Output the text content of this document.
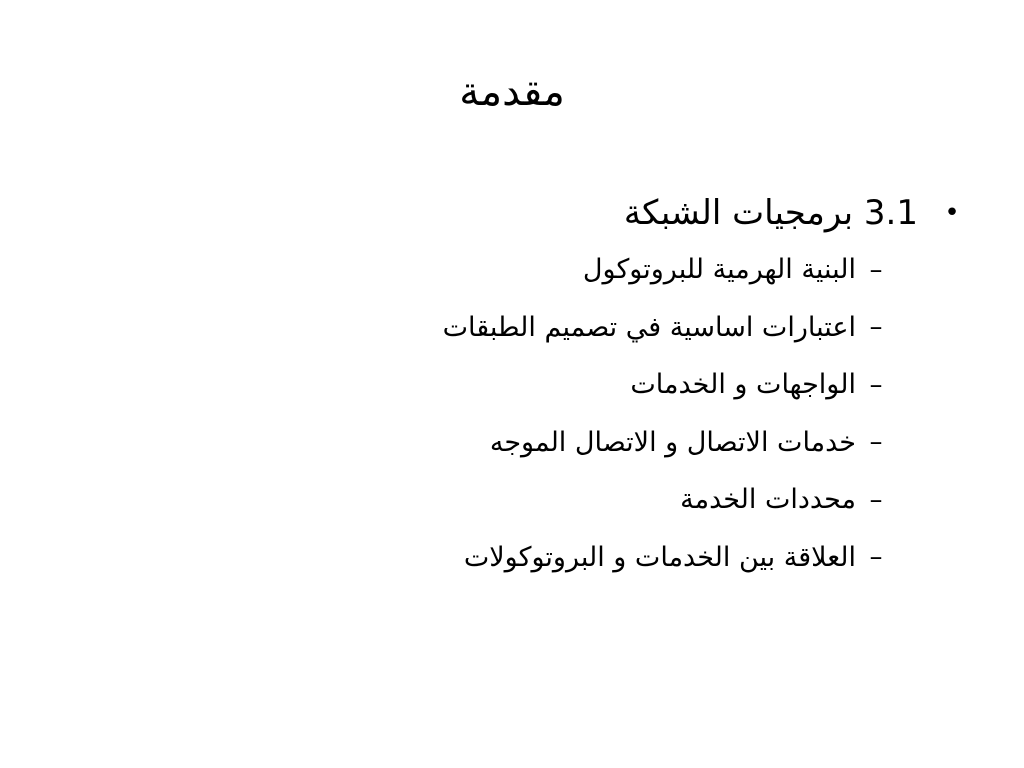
مقدمة
•
3.1 برمجيات الشبكة
–
البنية الهرمية للبروتوكول
–
اعتبارات اساسية في تصميم الطبقات
–
الواجهات و الخدمات
–
خدمات الاتصال و الاتصال الموجه
–
محددات الخدمة
–
العلاقة بين الخدمات و البروتوكولات
